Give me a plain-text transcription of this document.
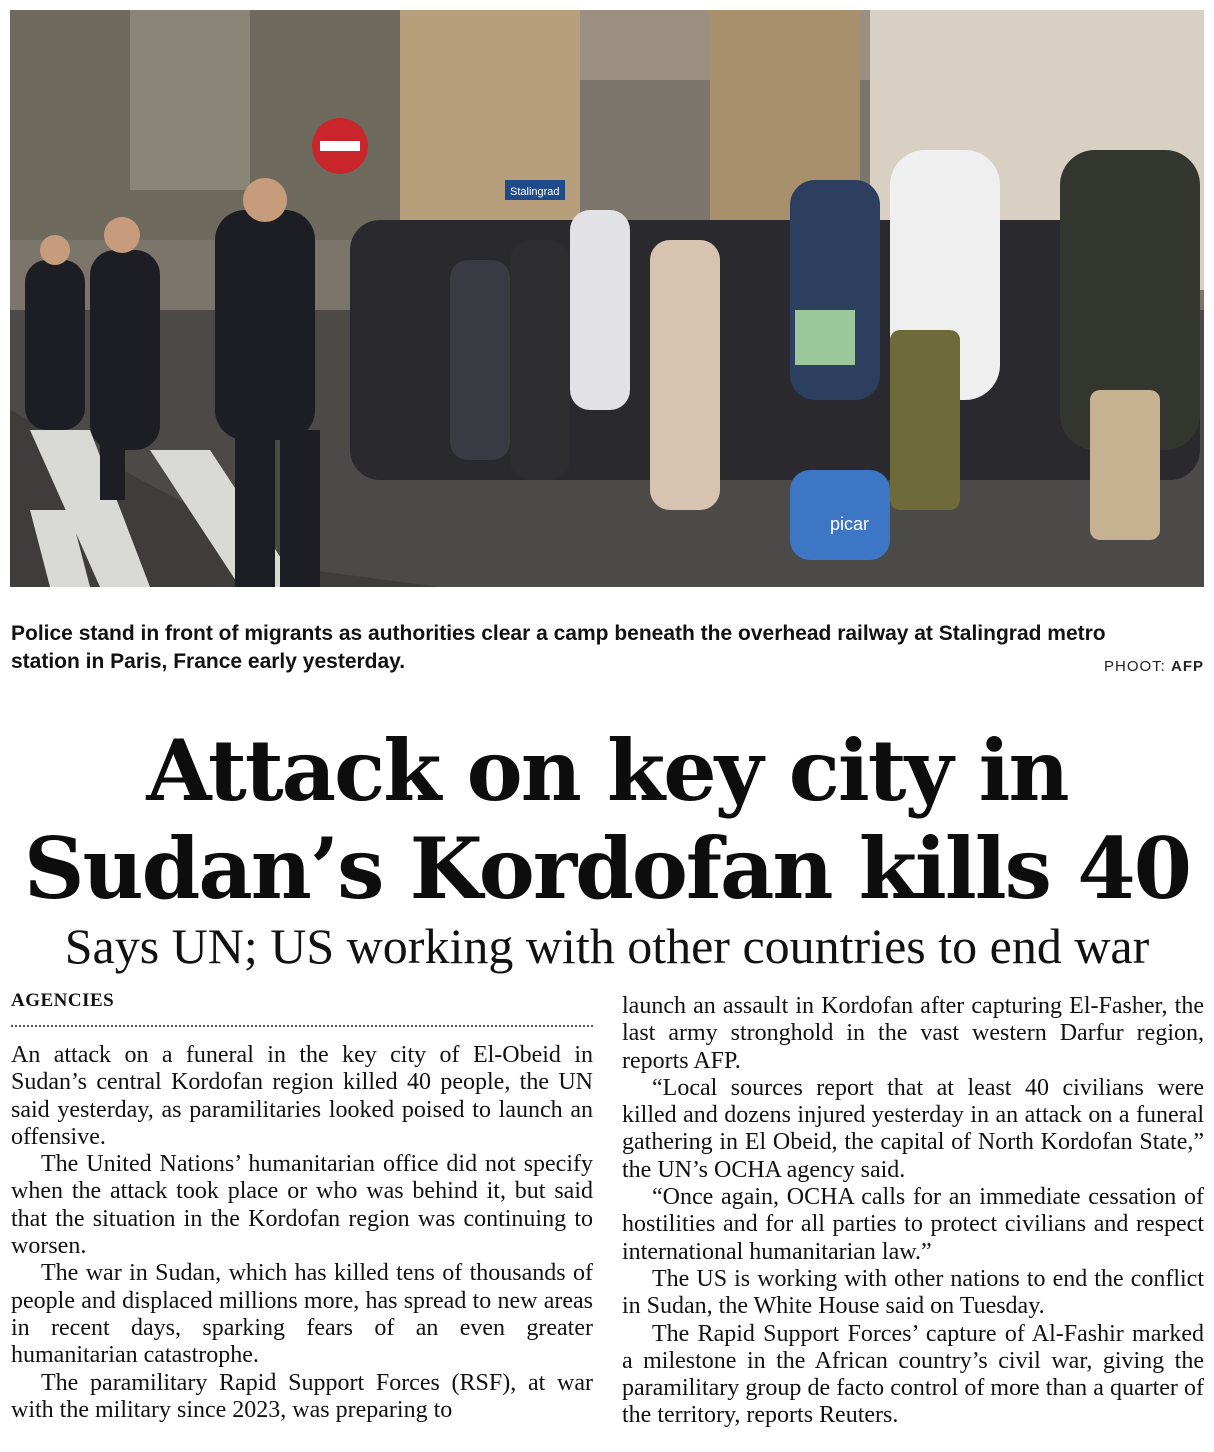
Stalingrad
picar
Police stand in front of migrants as authorities clear a camp beneath the overhead railway at Stalingrad metro station in Paris, France early yesterday.	PHOOT: AFP
Attack on key city in
Sudan’s Kordofan kills 40
Says UN; US working with other countries to end war
AGENCIES

An attack on a funeral in the key city of El-Obeid in Sudan’s central Kordofan region killed 40 people, the UN said yesterday, as paramilitaries looked poised to launch an offensive.

The United Nations’ humanitarian office did not specify when the attack took place or who was behind it, but said that the situation in the Kordofan region was continuing to worsen.

The war in Sudan, which has killed tens of thousands of people and displaced millions more, has spread to new areas in recent days, sparking fears of an even greater humanitarian catastrophe.

The paramilitary Rapid Support Forces (RSF), at war with the military since 2023, was preparing to

launch an assault in Kordofan after capturing El-Fasher, the last army stronghold in the vast western Darfur region, reports AFP.

“Local sources report that at least 40 civilians were killed and dozens injured yesterday in an attack on a funeral gathering in El Obeid, the capital of North Kordofan State,” the UN’s OCHA agency said.

“Once again, OCHA calls for an immediate cessation of hostilities and for all parties to protect civilians and respect international humanitarian law.”

The US is working with other nations to end the conflict in Sudan, the White House said on Tuesday.

The Rapid Support Forces’ capture of Al-Fashir marked a milestone in the African country’s civil war, giving the paramilitary group de facto control of more than a quarter of the territory, reports Reuters.
